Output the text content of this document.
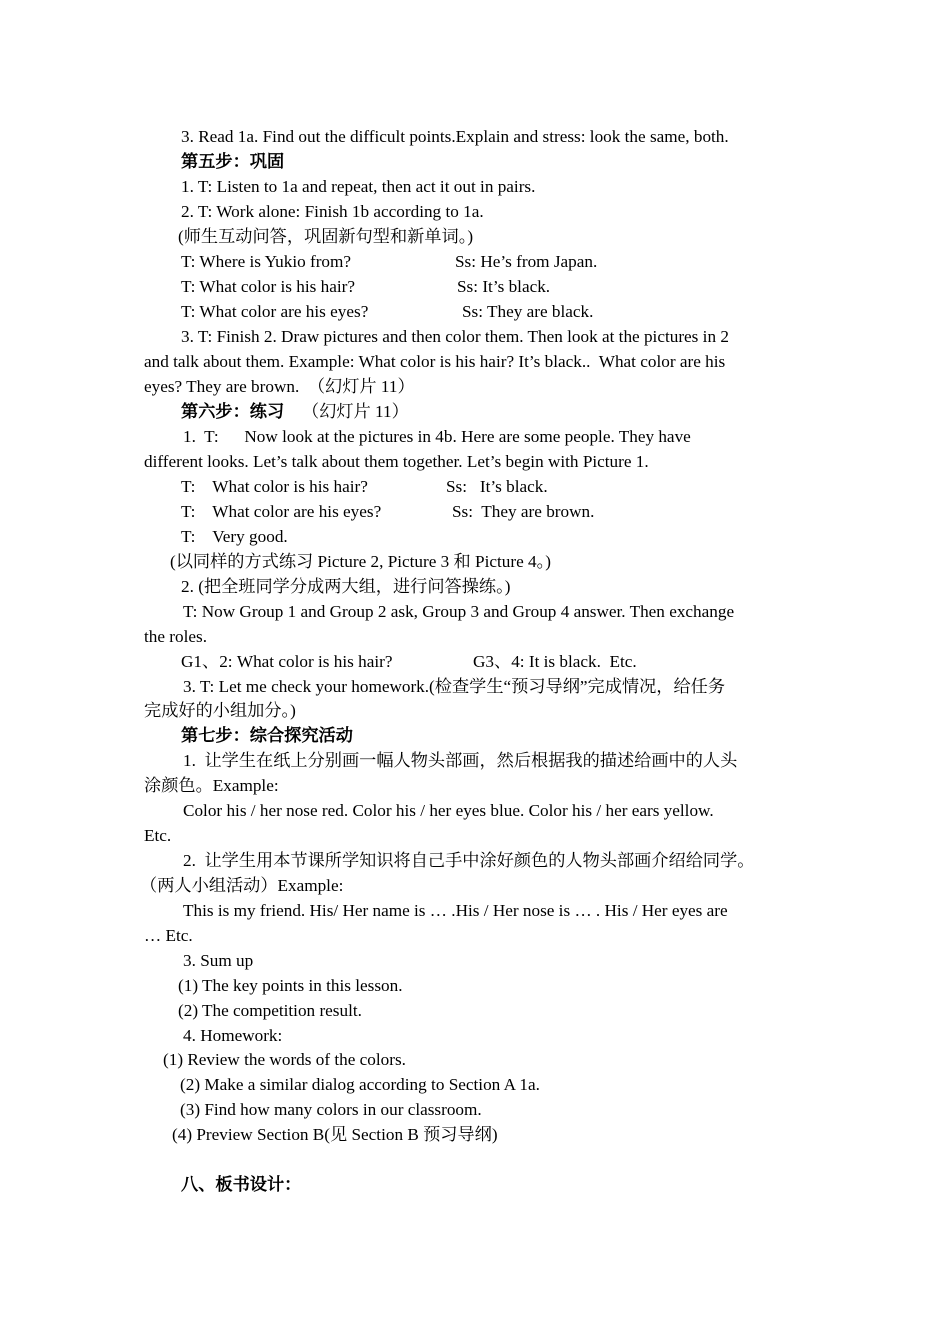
3. Read 1a. Find out the difficult points.Explain and stress: look the same, both.
第五步：巩固
1. T: Listen to 1a and repeat, then act it out in pairs.
2. T: Work alone: Finish 1b according to 1a.
(师生互动问答，巩固新句型和新单词。)
T: Where is Yukio from?	Ss: He’s from Japan.
T: What color is his hair?	Ss: It’s black.
T: What color are his eyes?	Ss: They are black.
3. T: Finish 2. Draw pictures and then color them. Then look at the pictures in 2
and talk about them. Example: What color is his hair? It’s black..  What color are his
eyes? They are brown.  （幻灯片 11）
第六步：练习 （幻灯片 11）
1.  T:      Now look at the pictures in 4b. Here are some people. They have
different looks. Let’s talk about them together. Let’s begin with Picture 1.
T:    What color is his hair?	Ss:   It’s black.
T:    What color are his eyes?	Ss:  They are brown.
T:    Very good.
(以同样的方式练习 Picture 2, Picture 3 和 Picture 4。)
2. (把全班同学分成两大组，进行问答操练。)
T: Now Group 1 and Group 2 ask, Group 3 and Group 4 answer. Then exchange
the roles.
G1、2: What color is his hair?	G3、4: It is black.  Etc.
3. T: Let me check your homework.(检查学生“预习导纲”完成情况，给任务
完成好的小组加分。)
第七步：综合探究活动
1.  让学生在纸上分别画一幅人物头部画，然后根据我的描述给画中的人头
涂颜色。Example:
Color his / her nose red. Color his / her eyes blue. Color his / her ears yellow.
Etc.
2.  让学生用本节课所学知识将自己手中涂好颜色的人物头部画介绍给同学。
（两人小组活动）Example:
This is my friend. His/ Her name is … .His / Her nose is … . His / Her eyes are
… Etc.
3. Sum up
(1) The key points in this lesson.
(2) The competition result.
4. Homework:
(1) Review the words of the colors.
(2) Make a similar dialog according to Section A 1a.
(3) Find how many colors in our classroom.
(4) Preview Section B(见 Section B 预习导纲)
八、板书设计：
